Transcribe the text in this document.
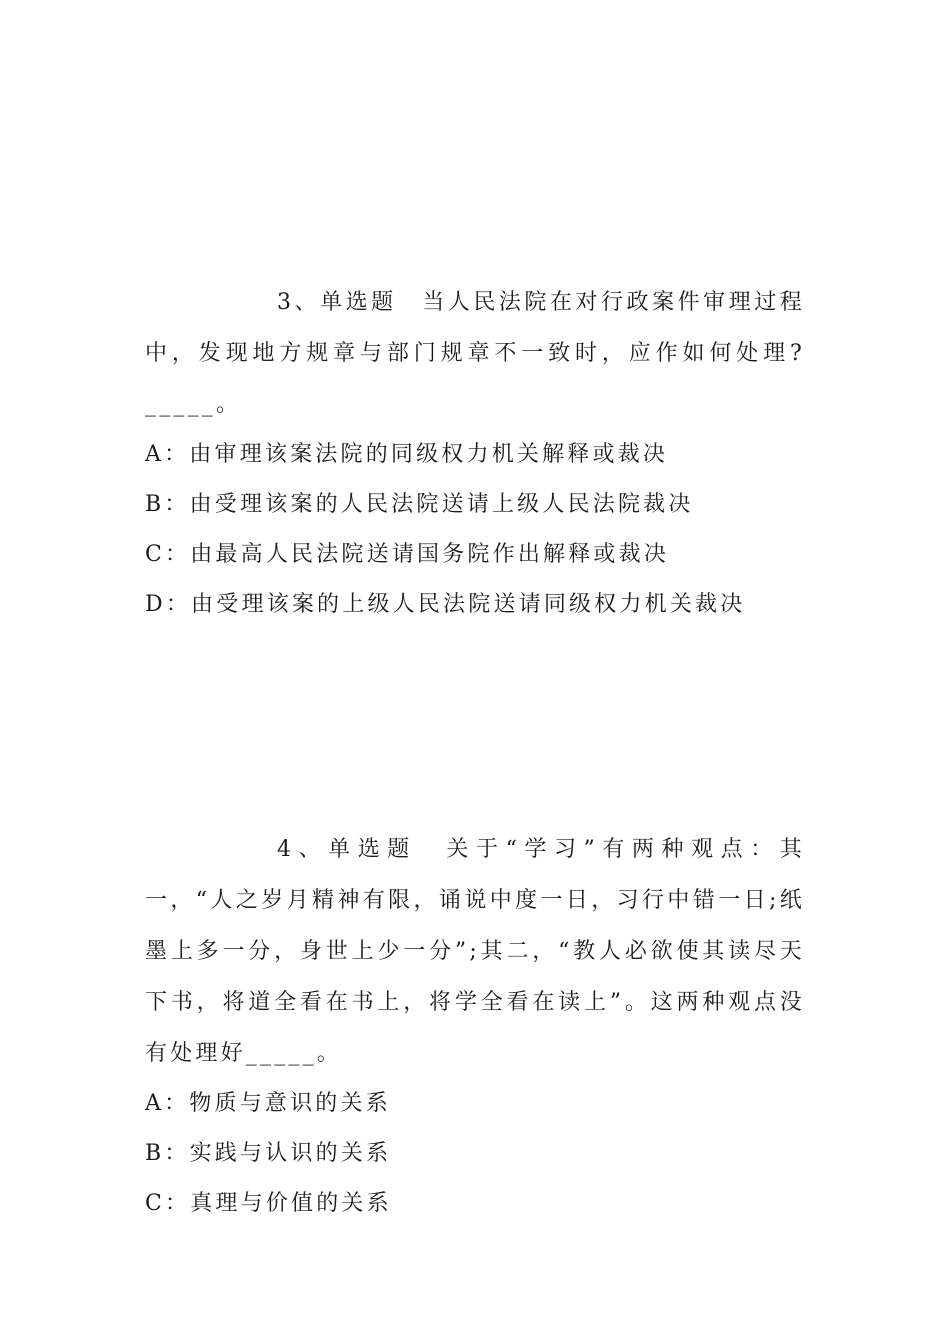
3、单选题　当人民法院在对行政案件审理过程中，发现地方规章与部门规章不一致时，应作如何处理?_____。

A：由审理该案法院的同级权力机关解释或裁决
B：由受理该案的人民法院送请上级人民法院裁决
C：由最高人民法院送请国务院作出解释或裁决
D：由受理该案的上级人民法院送请同级权力机关裁决

4、单选题　关于“学习”有两种观点：其一，“人之岁月精神有限，诵说中度一日，习行中错一日;纸墨上多一分，身世上少一分”;其二，“教人必欲使其读尽天下书，将道全看在书上，将学全看在读上”。这两种观点没有处理好_____。

A：物质与意识的关系
B：实践与认识的关系
C：真理与价值的关系
